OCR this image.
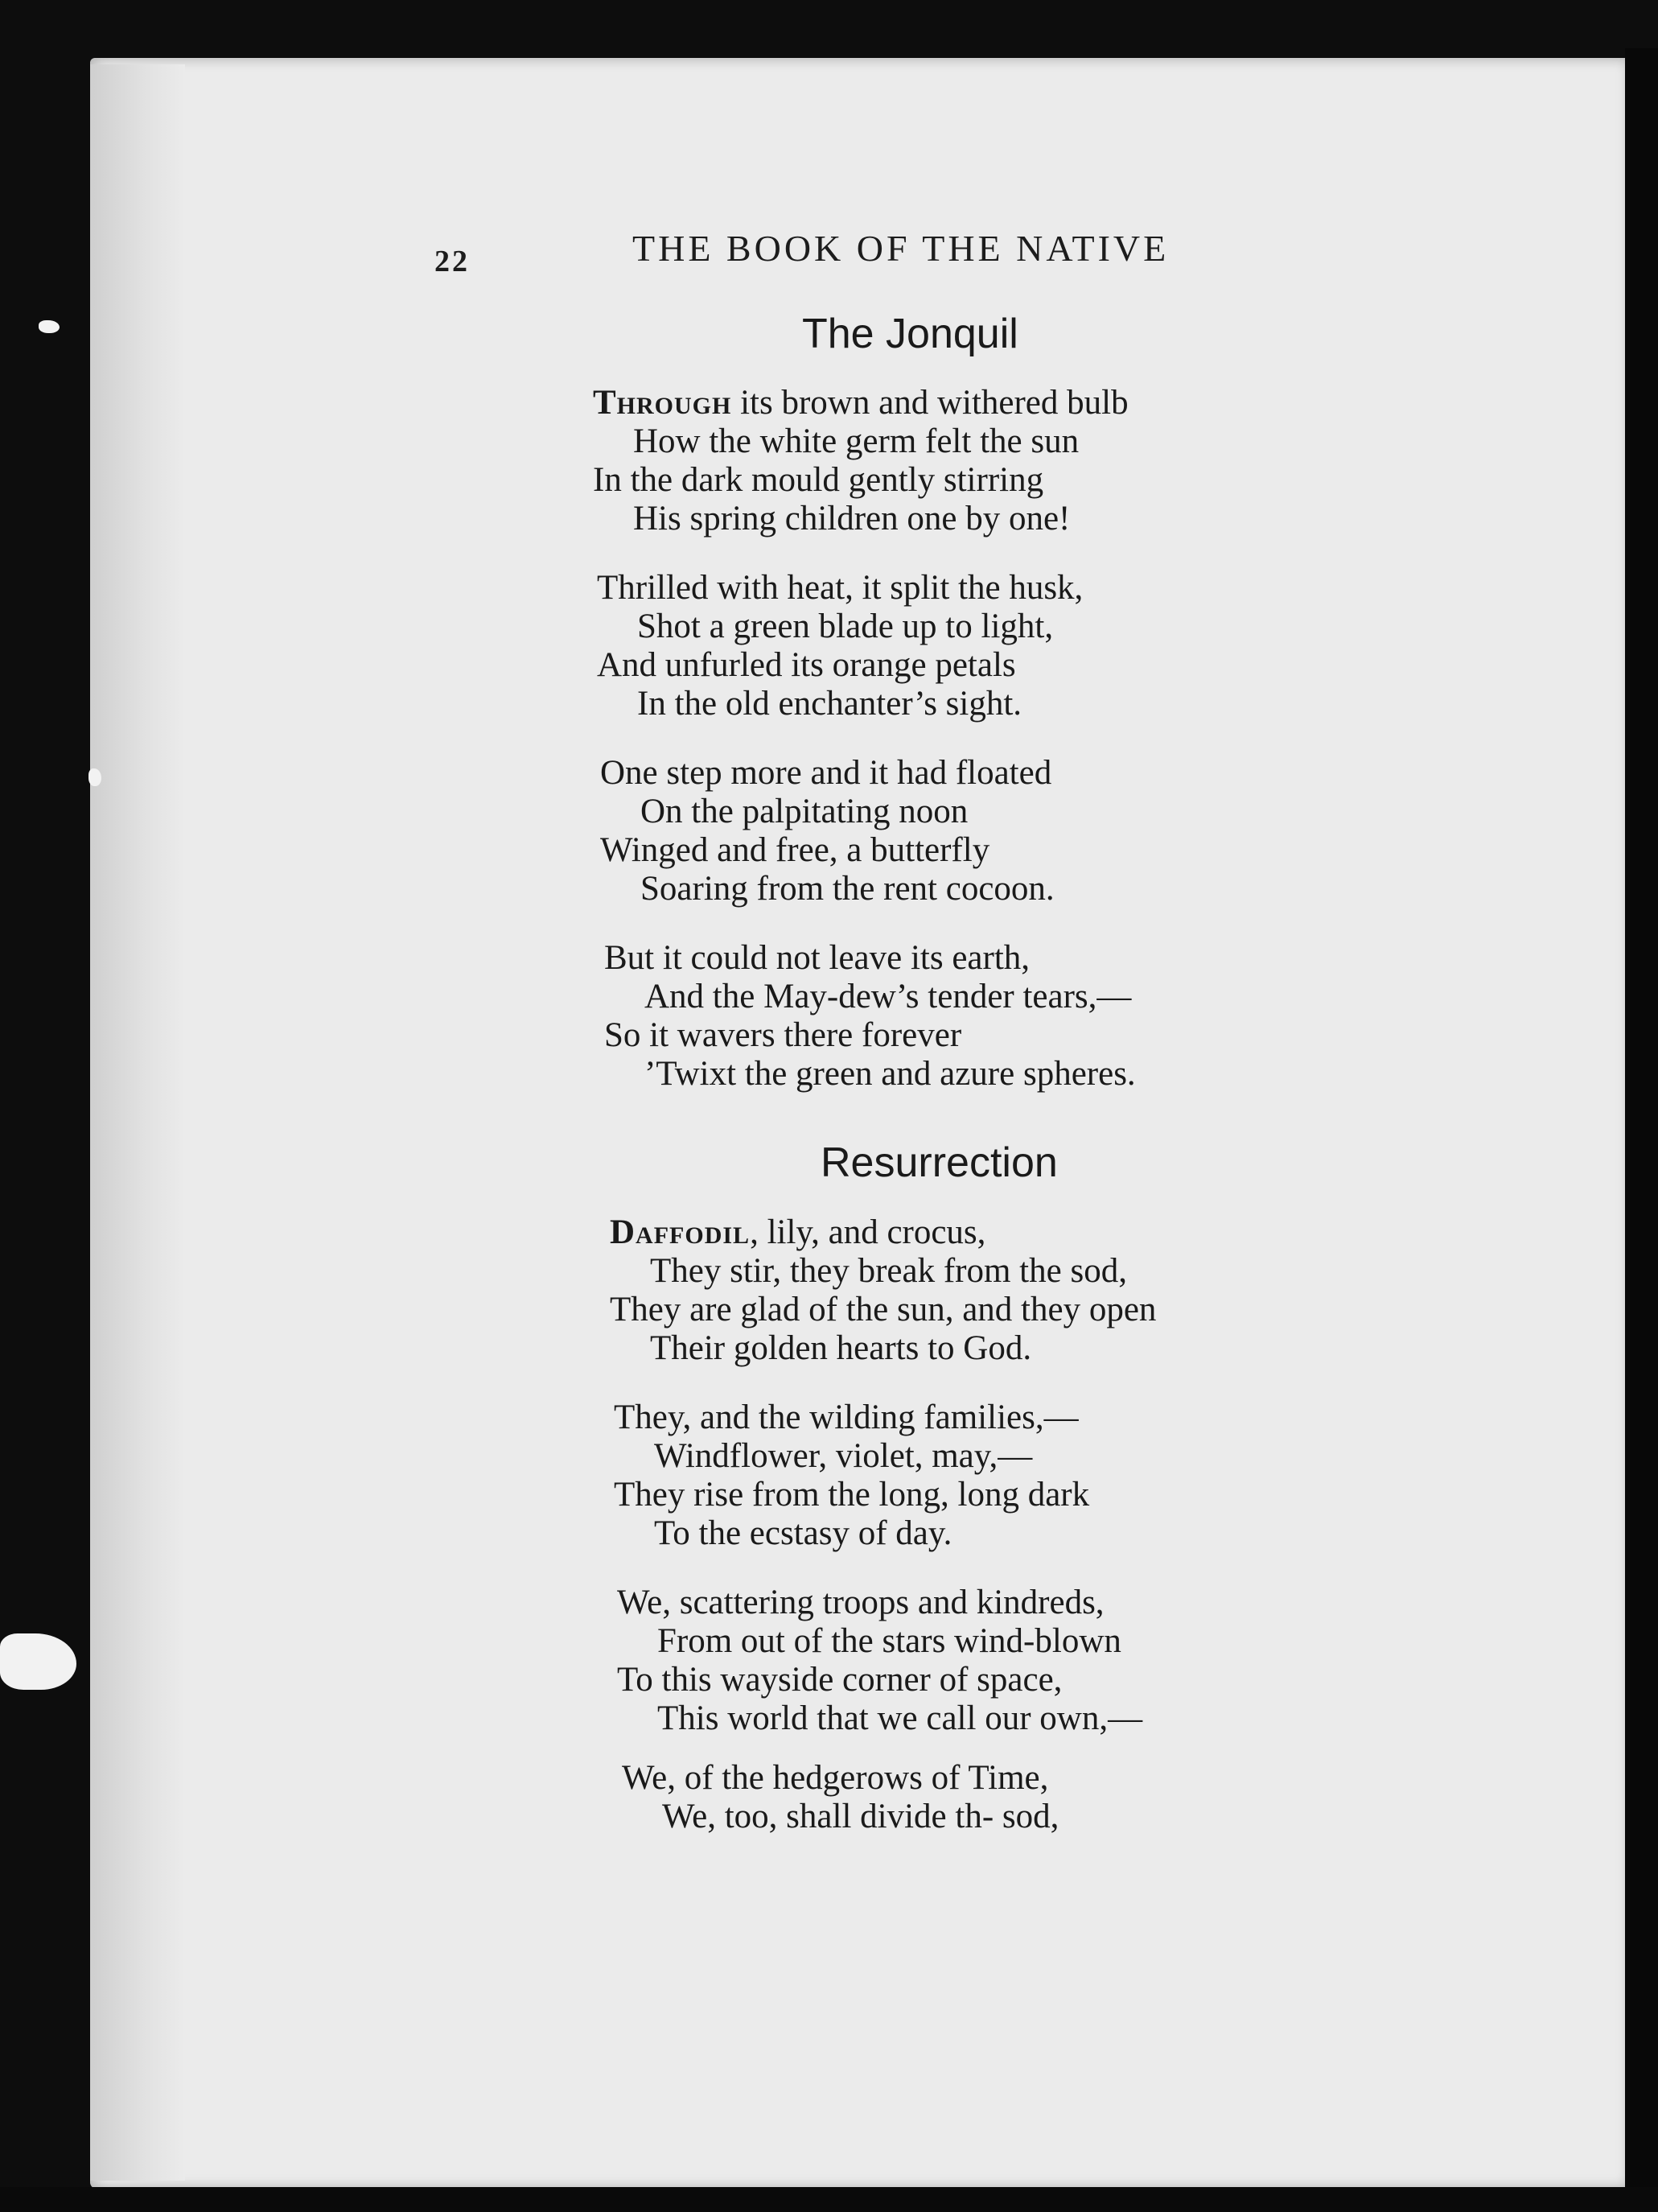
22	THE BOOK OF THE NATIVE
The Jonquil
Through its brown and withered bulb
How the white germ felt the sun
In the dark mould gently stirring
His spring children one by one!
Thrilled with heat, it split the husk,
Shot a green blade up to light,
And unfurled its orange petals
In the old enchanter’s sight.
One step more and it had floated
On the palpitating noon
Winged and free, a butterfly
Soaring from the rent cocoon.
But it could not leave its earth,
And the May-dew’s tender tears,—
So it wavers there forever
’Twixt the green and azure spheres.
Resurrection
Daffodil, lily, and crocus,
They stir, they break from the sod,
They are glad of the sun, and they open
Their golden hearts to God.
They, and the wilding families,—
Windflower, violet, may,—
They rise from the long, long dark
To the ecstasy of day.
We, scattering troops and kindreds,
From out of the stars wind-blown
To this wayside corner of space,
This world that we call our own,—
We, of the hedgerows of Time,
We, too, shall divide th- sod,
